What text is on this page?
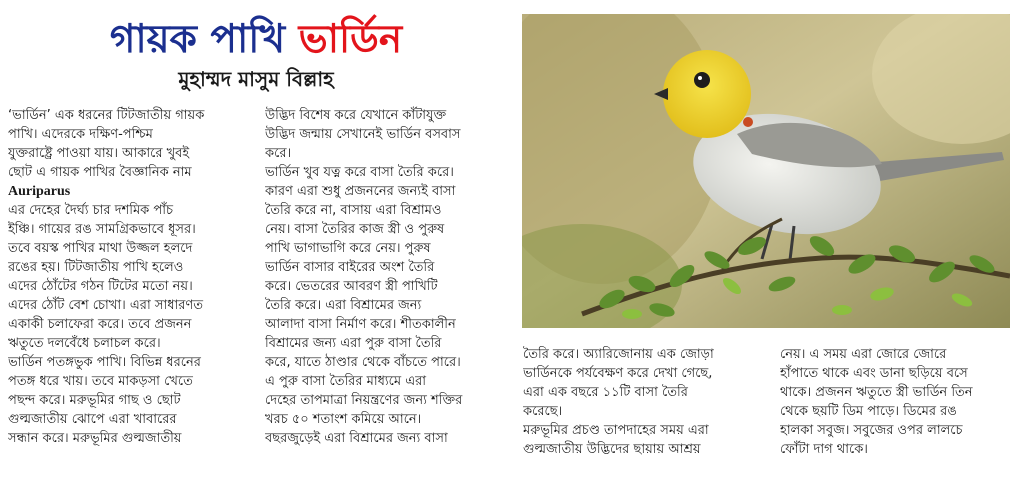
গায়ক পাখি ভার্ডিন
মুহাম্মদ মাসুম বিল্লাহ
‘ভার্ডিন’ এক ধরনের টিটজাতীয় গায়ক
পাখি। এদেরকে দক্ষিণ-পশ্চিম
যুক্তরাষ্ট্রে পাওয়া যায়। আকারে খুবই
ছোট এ গায়ক পাখির বৈজ্ঞানিক নাম
Auriparus
এর দেহের দৈর্ঘ্য চার দশমিক পাঁচ
ইঞ্চি। গায়ের রঙ সামগ্রিকভাবে ধূসর।
তবে বয়স্ক পাখির মাথা উজ্জল হলদে
রঙের হয়। টিটজাতীয় পাখি হলেও
এদের ঠোঁটের গঠন টিটের মতো নয়।
এদের ঠোঁট বেশ চোখা। এরা সাধারণত
একাকী চলাফেরা করে। তবে প্রজনন
ঋতুতে দলবেঁধে চলাচল করে।
ভার্ডিন পতঙ্গভুক পাখি। বিভিন্ন ধরনের
পতঙ্গ ধরে খায়। তবে মাকড়সা খেতে
পছন্দ করে। মরুভূমির গাছ ও ছোট
গুল্মজাতীয় ঝোপে এরা খাবারের
সন্ধান করে। মরুভূমির গুল্মজাতীয়
উদ্ভিদ বিশেষ করে যেখানে কাঁটাযুক্ত
উদ্ভিদ জন্মায় সেখানেই ভার্ডিন বসবাস
করে।
ভার্ডিন খুব যত্ন করে বাসা তৈরি করে।
কারণ এরা শুধু প্রজননের জন্যই বাসা
তৈরি করে না, বাসায় এরা বিশ্রামও
নেয়। বাসা তৈরির কাজ স্ত্রী ও পুরুষ
পাখি ভাগাভাগি করে নেয়। পুরুষ
ভার্ডিন বাসার বাইরের অংশ তৈরি
করে। ভেতরের আবরণ স্ত্রী পাখিটি
তৈরি করে। এরা বিশ্রামের জন্য
আলাদা বাসা নির্মাণ করে। শীতকালীন
বিশ্রামের জন্য এরা পুরু বাসা তৈরি
করে, যাতে ঠাণ্ডার থেকে বাঁচতে পারে।
এ পুরু বাসা তৈরির মাধ্যমে এরা
দেহের তাপমাত্রা নিয়ন্ত্রণের জন্য শক্তির
খরচ ৫০ শতাংশ কমিয়ে আনে।
বছরজুড়েই এরা বিশ্রামের জন্য বাসা
তৈরি করে। অ্যারিজোনায় এক জোড়া
ভার্ডিনকে পর্যবেক্ষণ করে দেখা গেছে,
এরা এক বছরে ১১টি বাসা তৈরি
করেছে।
মরুভূমির প্রচণ্ড তাপদাহের সময় এরা
গুল্মজাতীয় উদ্ভিদের ছায়ায় আশ্রয়
নেয়। এ সময় এরা জোরে জোরে
হাঁপাতে থাকে এবং ডানা ছড়িয়ে বসে
থাকে। প্রজনন ঋতুতে স্ত্রী ভার্ডিন তিন
থেকে ছয়টি ডিম পাড়ে। ডিমের রঙ
হালকা সবুজ। সবুজের ওপর লালচে
ফোঁটা দাগ থাকে।
